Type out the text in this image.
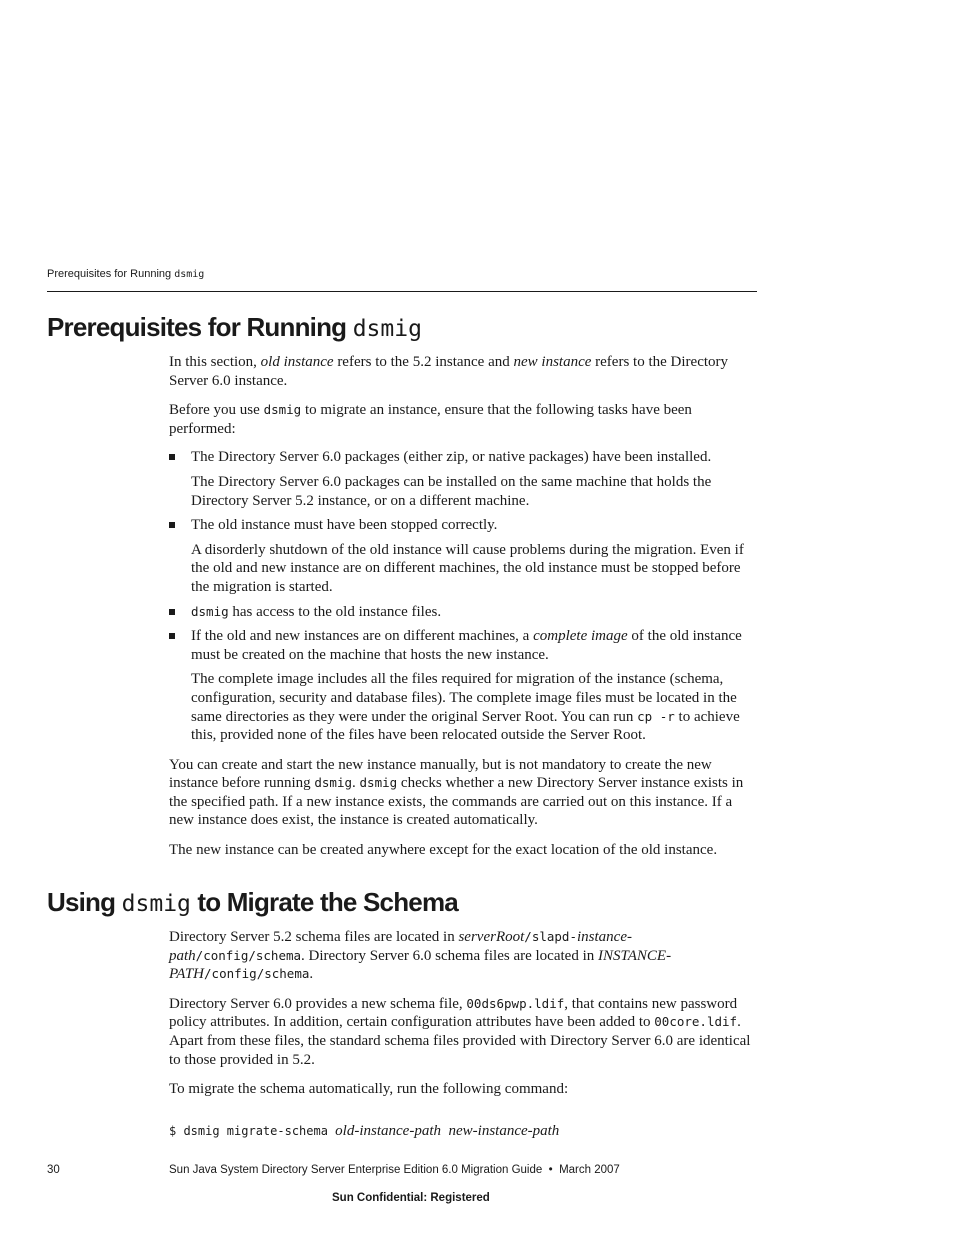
Prerequisites for Running dsmig
Prerequisites for Running dsmig

In this section, old instance refers to the 5.2 instance and new instance refers to the Directory Server 6.0 instance.

Before you use dsmig to migrate an instance, ensure that the following tasks have been performed:

The Directory Server 6.0 packages (either zip, or native packages) have been installed.

The Directory Server 6.0 packages can be installed on the same machine that holds the Directory Server 5.2 instance, or on a different machine.

The old instance must have been stopped correctly.

A disorderly shutdown of the old instance will cause problems during the migration. Even if the old and new instance are on different machines, the old instance must be stopped before the migration is started.

dsmig has access to the old instance files.
If the old and new instances are on different machines, a complete image of the old instance must be created on the machine that hosts the new instance.

The complete image includes all the files required for migration of the instance (schema, configuration, security and database files). The complete image files must be located in the same directories as they were under the original Server Root. You can run cp -r to achieve this, provided none of the files have been relocated outside the Server Root.

You can create and start the new instance manually, but is not mandatory to create the new instance before running dsmig. dsmig checks whether a new Directory Server instance exists in the specified path. If a new instance exists, the commands are carried out on this instance. If a new instance does exist, the instance is created automatically.

The new instance can be created anywhere except for the exact location of the old instance.

Using dsmig to Migrate the Schema

Directory Server 5.2 schema files are located in serverRoot/slapd-instance-path/config/schema. Directory Server 6.0 schema files are located in INSTANCE-PATH/config/schema.

Directory Server 6.0 provides a new schema file, 00ds6pwp.ldif, that contains new password policy attributes. In addition, certain configuration attributes have been added to 00core.ldif. Apart from these files, the standard schema files provided with Directory Server 6.0 are identical to those provided in 5.2.

To migrate the schema automatically, run the following command:

$ dsmig migrate-schema old-instance-path new-instance-path
30	Sun Java System Directory Server Enterprise Edition 6.0 Migration Guide  •  March 2007
Sun Confidential: Registered
